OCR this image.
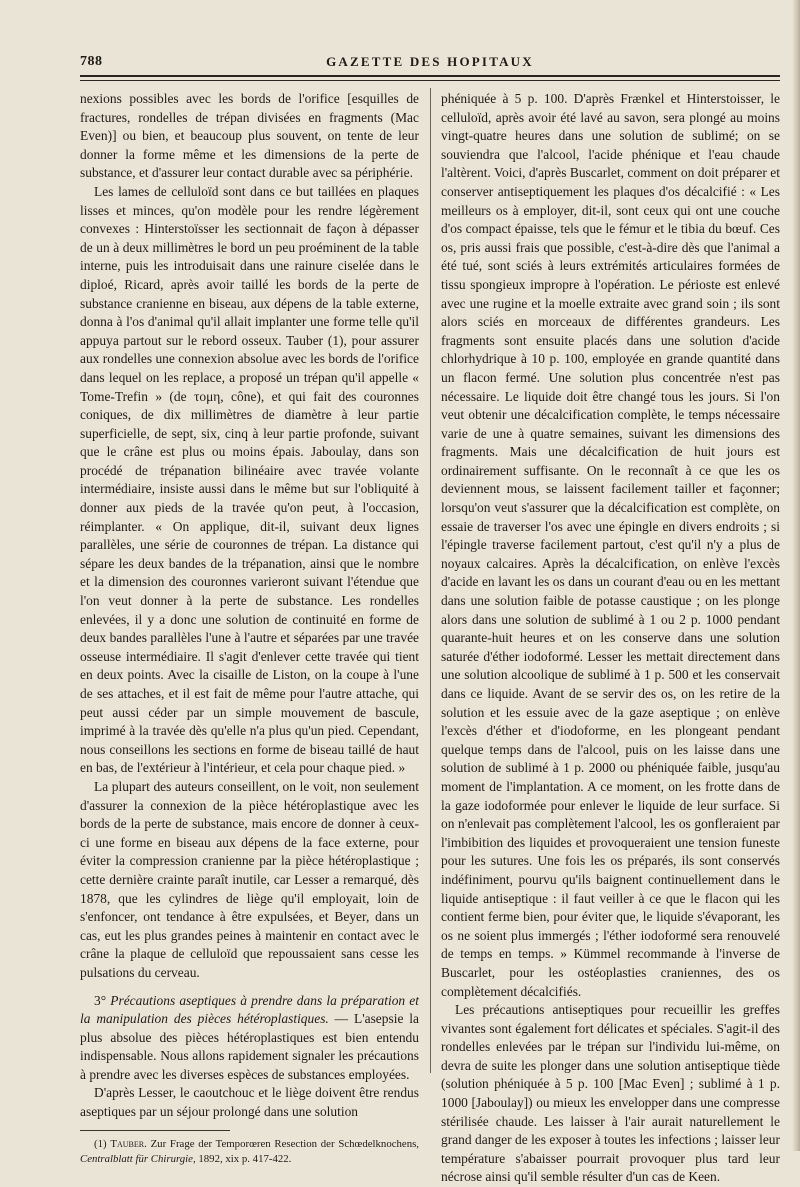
788	GAZETTE DES HOPITAUX

nexions possibles avec les bords de l'orifice [esquilles de fractures, rondelles de trépan divisées en fragments (Mac Even)] ou bien, et beaucoup plus souvent, on tente de leur donner la forme même et les dimensions de la perte de substance, et d'assurer leur contact durable avec sa périphérie.

Les lames de celluloïd sont dans ce but taillées en plaques lisses et minces, qu'on modèle pour les rendre légèrement convexes : Hinterstoïsser les sectionnait de façon à dépasser de un à deux millimètres le bord un peu proéminent de la table interne, puis les introduisait dans une rainure ciselée dans le diploé, Ricard, après avoir taillé les bords de la perte de substance cranienne en biseau, aux dépens de la table externe, donna à l'os d'animal qu'il allait implanter une forme telle qu'il appuya partout sur le rebord osseux. Tauber (1), pour assurer aux rondelles une connexion absolue avec les bords de l'orifice dans lequel on les replace, a proposé un trépan qu'il appelle « Tome-Trefin » (de τομη, cône), et qui fait des couronnes coniques, de dix millimètres de diamètre à leur partie superficielle, de sept, six, cinq à leur partie profonde, suivant que le crâne est plus ou moins épais. Jaboulay, dans son procédé de trépanation bilinéaire avec travée volante intermédiaire, insiste aussi dans le même but sur l'obliquité à donner aux pieds de la travée qu'on peut, à l'occasion, réimplanter. « On applique, dit-il, suivant deux lignes parallèles, une série de couronnes de trépan. La distance qui sépare les deux bandes de la trépanation, ainsi que le nombre et la dimension des couronnes varieront suivant l'étendue que l'on veut donner à la perte de substance. Les rondelles enlevées, il y a donc une solution de continuité en forme de deux bandes parallèles l'une à l'autre et séparées par une travée osseuse intermédiaire. Il s'agit d'enlever cette travée qui tient en deux points. Avec la cisaille de Liston, on la coupe à l'une de ses attaches, et il est fait de même pour l'autre attache, qui peut aussi céder par un simple mouvement de bascule, imprimé à la travée dès qu'elle n'a plus qu'un pied. Cependant, nous conseillons les sections en forme de biseau taillé de haut en bas, de l'extérieur à l'intérieur, et cela pour chaque pied. »

La plupart des auteurs conseillent, on le voit, non seulement d'assurer la connexion de la pièce hétéroplastique avec les bords de la perte de substance, mais encore de donner à ceux-ci une forme en biseau aux dépens de la face externe, pour éviter la compression cranienne par la pièce hétéroplastique ; cette dernière crainte paraît inutile, car Lesser a remarqué, dès 1878, que les cylindres de liège qu'il employait, loin de s'enfoncer, ont tendance à être expulsées, et Beyer, dans un cas, eut les plus grandes peines à maintenir en contact avec le crâne la plaque de celluloïd que repoussaient sans cesse les pulsations du cerveau.

3° Précautions aseptiques à prendre dans la préparation et la manipulation des pièces hétéroplastiques. — L'asepsie la plus absolue des pièces hétéroplastiques est bien entendu indispensable. Nous allons rapidement signaler les précautions à prendre avec les diverses espèces de substances employées.

D'après Lesser, le caoutchouc et le liège doivent être rendus aseptiques par un séjour prolongé dans une solution

(1) Tauber. Zur Frage der Temporœren Resection der Schœdelknochens, Centralblatt für Chirurgie, 1892, xix p. 417-422.

phéniquée à 5 p. 100. D'après Frænkel et Hinterstoisser, le celluloïd, après avoir été lavé au savon, sera plongé au moins vingt-quatre heures dans une solution de sublimé; on se souviendra que l'alcool, l'acide phénique et l'eau chaude l'altèrent. Voici, d'après Buscarlet, comment on doit préparer et conserver antiseptiquement les plaques d'os décalcifié : « Les meilleurs os à employer, dit-il, sont ceux qui ont une couche d'os compact épaisse, tels que le fémur et le tibia du bœuf. Ces os, pris aussi frais que possible, c'est-à-dire dès que l'animal a été tué, sont sciés à leurs extrémités articulaires formées de tissu spongieux impropre à l'opération. Le périoste est enlevé avec une rugine et la moelle extraite avec grand soin ; ils sont alors sciés en morceaux de différentes grandeurs. Les fragments sont ensuite placés dans une solution d'acide chlorhydrique à 10 p. 100, employée en grande quantité dans un flacon fermé. Une solution plus concentrée n'est pas nécessaire. Le liquide doit être changé tous les jours. Si l'on veut obtenir une décalcification complète, le temps nécessaire varie de une à quatre semaines, suivant les dimensions des fragments. Mais une décalcification de huit jours est ordinairement suffisante. On le reconnaît à ce que les os deviennent mous, se laissent facilement tailler et façonner; lorsqu'on veut s'assurer que la décalcification est complète, on essaie de traverser l'os avec une épingle en divers endroits ; si l'épingle traverse facilement partout, c'est qu'il n'y a plus de noyaux calcaires. Après la décalcification, on enlève l'excès d'acide en lavant les os dans un courant d'eau ou en les mettant dans une solution faible de potasse caustique ; on les plonge alors dans une solution de sublimé à 1 ou 2 p. 1000 pendant quarante-huit heures et on les conserve dans une solution saturée d'éther iodoformé. Lesser les mettait directement dans une solution alcoolique de sublimé à 1 p. 500 et les conservait dans ce liquide. Avant de se servir des os, on les retire de la solution et les essuie avec de la gaze aseptique ; on enlève l'excès d'éther et d'iodoforme, en les plongeant pendant quelque temps dans de l'alcool, puis on les laisse dans une solution de sublimé à 1 p. 2000 ou phéniquée faible, jusqu'au moment de l'implantation. A ce moment, on les frotte dans de la gaze iodoformée pour enlever le liquide de leur surface. Si on n'enlevait pas complètement l'alcool, les os gonfleraient par l'imbibition des liquides et provoqueraient une tension funeste pour les sutures. Une fois les os préparés, ils sont conservés indéfiniment, pourvu qu'ils baignent continuellement dans le liquide antiseptique : il faut veiller à ce que le flacon qui les contient ferme bien, pour éviter que, le liquide s'évaporant, les os ne soient plus immergés ; l'éther iodoformé sera renouvelé de temps en temps. » Kümmel recommande à l'inverse de Buscarlet, pour les ostéoplasties craniennes, des os complètement décalcifiés.

Les précautions antiseptiques pour recueillir les greffes vivantes sont également fort délicates et spéciales. S'agit-il des rondelles enlevées par le trépan sur l'individu lui-même, on devra de suite les plonger dans une solution antiseptique tiède (solution phéniquée à 5 p. 100 [Mac Even] ; sublimé à 1 p. 1000 [Jaboulay]) ou mieux les envelopper dans une compresse stérilisée chaude. Les laisser à l'air aurait naturellement le grand danger de les exposer à toutes les infections ; laisser leur température s'abaisser pourrait provoquer plus tard leur nécrose ainsi qu'il semble résulter d'un cas de Keen.
